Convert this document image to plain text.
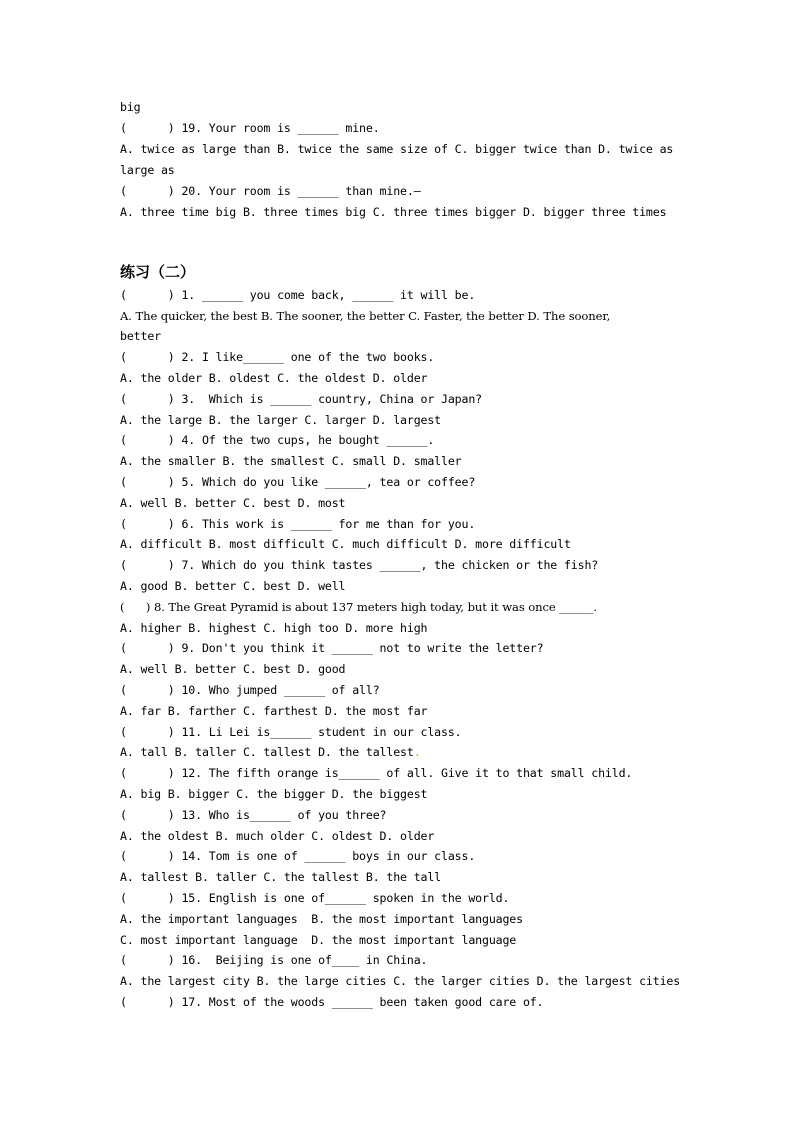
big
(      ) 19. Your room is ______ mine.
A. twice as large than B. twice the same size of C. bigger twice than D. twice as
large as
(      ) 20. Your room is ______ than mine.—
A. three time big B. three times big C. three times bigger D. bigger three times
练习（二）
(      ) 1. ______ you come back, ______ it will be.
A. The quicker, the best B. The sooner, the better C. Faster, the better D. The sooner,
better
(      ) 2. I like______ one of the two books.
A. the older B. oldest C. the oldest D. older
(      ) 3.  Which is ______ country, China or Japan?
A. the large B. the larger C. larger D. largest
(      ) 4. Of the two cups, he bought ______.
A. the smaller B. the smallest C. small D. smaller
(      ) 5. Which do you like ______, tea or coffee?
A. well B. better C. best D. most
(      ) 6. This work is ______ for me than for you.
A. difficult B. most difficult C. much difficult D. more difficult
(      ) 7. Which do you think tastes ______, the chicken or the fish?
A. good B. better C. best D. well
(      ) 8. The Great Pyramid is about 137 meters high today, but it was once ______.
A. higher B. highest C. high too D. more high
(      ) 9. Don't you think it ______ not to write the letter?
A. well B. better C. best D. good
(      ) 10. Who jumped ______ of all?
A. far B. farther C. farthest D. the most far
(      ) 11. Li Lei is______ student in our class.
A. tall B. taller C. tallest D. the tallest.
(      ) 12. The fifth orange is______ of all. Give it to that small child.
A. big B. bigger C. the bigger D. the biggest
(      ) 13. Who is______ of you three?
A. the oldest B. much older C. oldest D. older
(      ) 14. Tom is one of ______ boys in our class.
A. tallest B. taller C. the tallest B. the tall
(      ) 15. English is one of______ spoken in the world.
A. the important languages  B. the most important languages
C. most important language  D. the most important language
(      ) 16.  Beijing is one of____ in China.
A. the largest city B. the large cities C. the larger cities D. the largest cities
(      ) 17. Most of the woods ______ been taken good care of.
